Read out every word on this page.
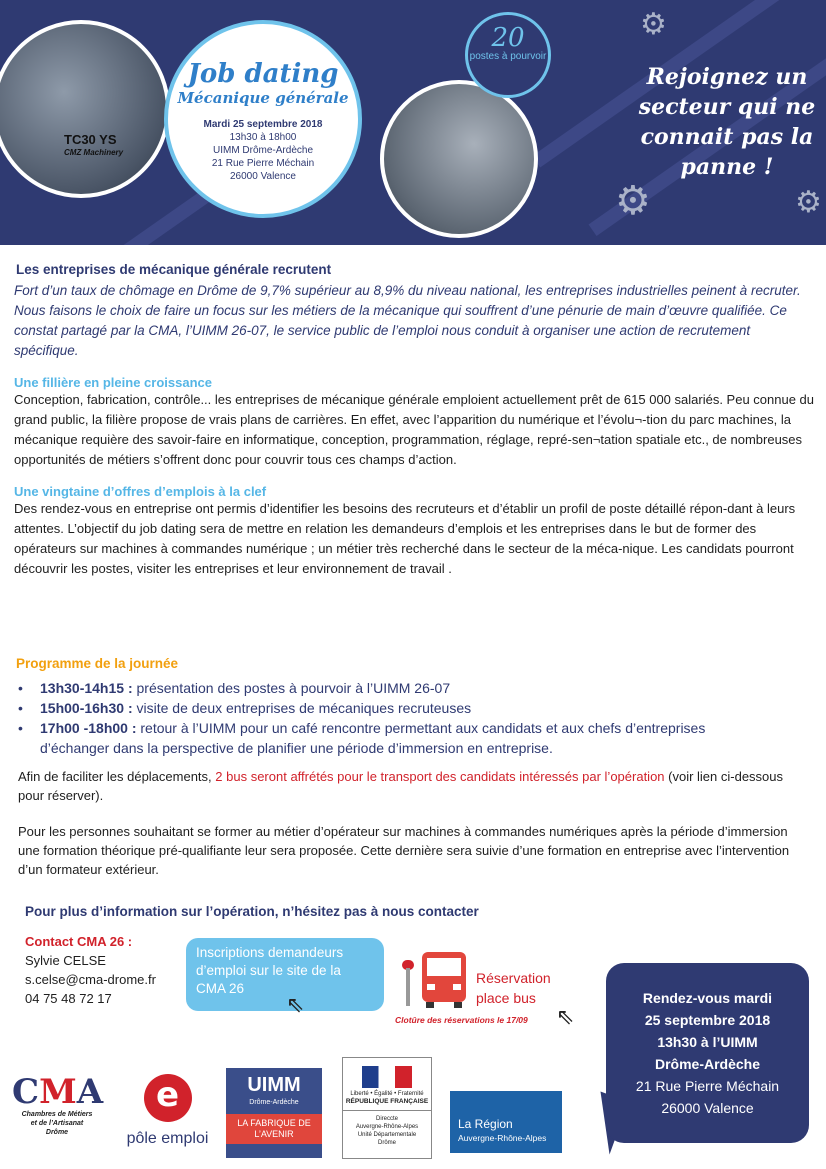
TC30 YS
CMZ Machinery
Job dating
Mécanique générale
Mardi 25 septembre 2018
13h30 à 18h00
UIMM Drôme-Ardèche
21 Rue Pierre Méchain
26000 Valence
20
postes à pourvoir
Rejoignez un secteur qui ne connait pas la panne !
⚙
⚙	⚙
Les entreprises de mécanique générale recrutent

Fort d’un taux de chômage en Drôme de 9,7% supérieur au 8,9% du niveau national, les entreprises industrielles peinent à recruter. Nous faisons le choix de faire un focus sur les métiers de la mécanique qui souffrent d’une pénurie de main d’œuvre qualifiée. Ce constat partagé par la CMA, l’UIMM 26-07, le service public de l’emploi nous conduit à organiser une action de recrutement spécifique.

Une fillière en pleine croissance

Conception, fabrication, contrôle... les entreprises de mécanique générale emploient actuellement prêt de 615 000 salariés. Peu connue du grand public, la filière propose de vrais plans de carrières. En effet, avec l’apparition du numérique et l’évolu¬-tion du parc machines, la mécanique requière des savoir-faire en informatique, conception, programmation, réglage, repré-sen¬tation spatiale etc., de nombreuses opportunités de métiers s’offrent donc pour couvrir tous ces champs d’action.

Une vingtaine d’offres d’emplois à la clef

Des rendez-vous en entreprise ont permis d’identifier les besoins des recruteurs et d’établir un profil de poste détaillé répon-dant à leurs attentes. L’objectif du job dating sera de mettre en relation les demandeurs d’emplois et les entreprises dans le but de former des opérateurs sur machines à commandes numérique ; un métier très recherché dans le secteur de la méca-nique. Les candidats pourront découvrir les postes, visiter les entreprises et leur environnement de travail .

Programme de la journée
• 13h30-14h15 : présentation des postes à pourvoir à l’UIMM 26-07
• 15h00-16h30 : visite de deux entreprises de mécaniques recruteuses
• 17h00 -18h00 : retour à l’UIMM pour un café rencontre permettant aux candidats et aux chefs d’entreprises d’échanger dans la perspective de planifier une période d’immersion en entreprise.
Afin de faciliter les déplacements, 2 bus seront affrétés pour le transport des candidats intéressés par l’opération (voir lien ci-dessous pour réserver).
Pour les personnes souhaitant se former au métier d’opérateur sur machines à commandes numériques après la période d’immersion une formation théorique pré-qualifiante leur sera proposée. Cette dernière sera suivie d’une formation en entreprise avec l’intervention d’un formateur extérieur.
Pour plus d’information sur l’opération, n’hésitez pas à nous contacter
Contact CMA 26 :
Sylvie CELSE
s.celse@cma-drome.fr
04 75 48 72 17
Inscriptions demandeurs d’emploi sur le site de la CMA 26
⇖
Réservation
place bus
⇖
Clotûre des réservations le 17/09
Rendez-vous mardi
25 septembre 2018
13h30 à l’UIMM
Drôme-Ardèche
21 Rue Pierre Méchain
26000 Valence
CMA
Chambres de Métiers
et de l’Artisanat
Drôme
e	pôle emploi
UIMM
Drôme-Ardèche
LA FABRIQUE DE L’AVENIR
Liberté • Égalité • Fraternité
RÉPUBLIQUE FRANÇAISE
Direccte
Auvergne-Rhône-Alpes
Unité Départementale
Drôme
La Région
Auvergne-Rhône-Alpes
